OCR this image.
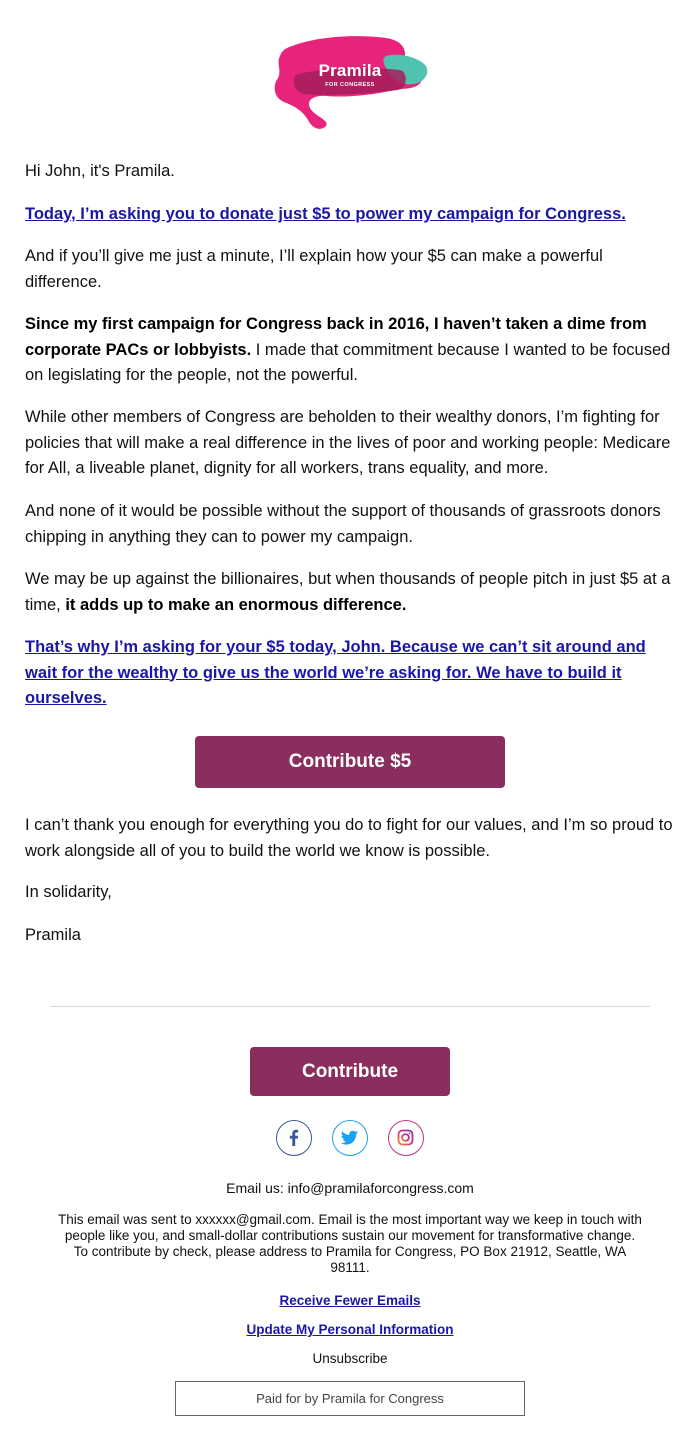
Pramila
FOR CONGRESS

Hi John, it's Pramila.

Today, I’m asking you to donate just $5 to power my campaign for Congress.

And if you’ll give me just a minute, I’ll explain how your $5 can make a powerful difference.

Since my first campaign for Congress back in 2016, I haven’t taken a dime from corporate PACs or lobbyists. I made that commitment because I wanted to be focused on legislating for the people, not the powerful.

While other members of Congress are beholden to their wealthy donors, I’m fighting for policies that will make a real difference in the lives of poor and working people: Medicare for All, a liveable planet, dignity for all workers, trans equality, and more.

And none of it would be possible without the support of thousands of grassroots donors chipping in anything they can to power my campaign.

We may be up against the billionaires, but when thousands of people pitch in just $5 at a time, it adds up to make an enormous difference.

That’s why I’m asking for your $5 today, John. Because we can’t sit around and wait for the wealthy to give us the world we’re asking for. We have to build it ourselves.

Contribute $5

I can’t thank you enough for everything you do to fight for our values, and I’m so proud to work alongside all of you to build the world we know is possible.

In solidarity,

Pramila

Contribute

Email us: info@pramilaforcongress.com

This email was sent to xxxxxx@gmail.com. Email is the most important way we keep in touch with people like you, and small-dollar contributions sustain our movement for transformative change. To contribute by check, please address to Pramila for Congress, PO Box 21912, Seattle, WA 98111.

Receive Fewer Emails

Update My Personal Information

Unsubscribe

Paid for by Pramila for Congress
